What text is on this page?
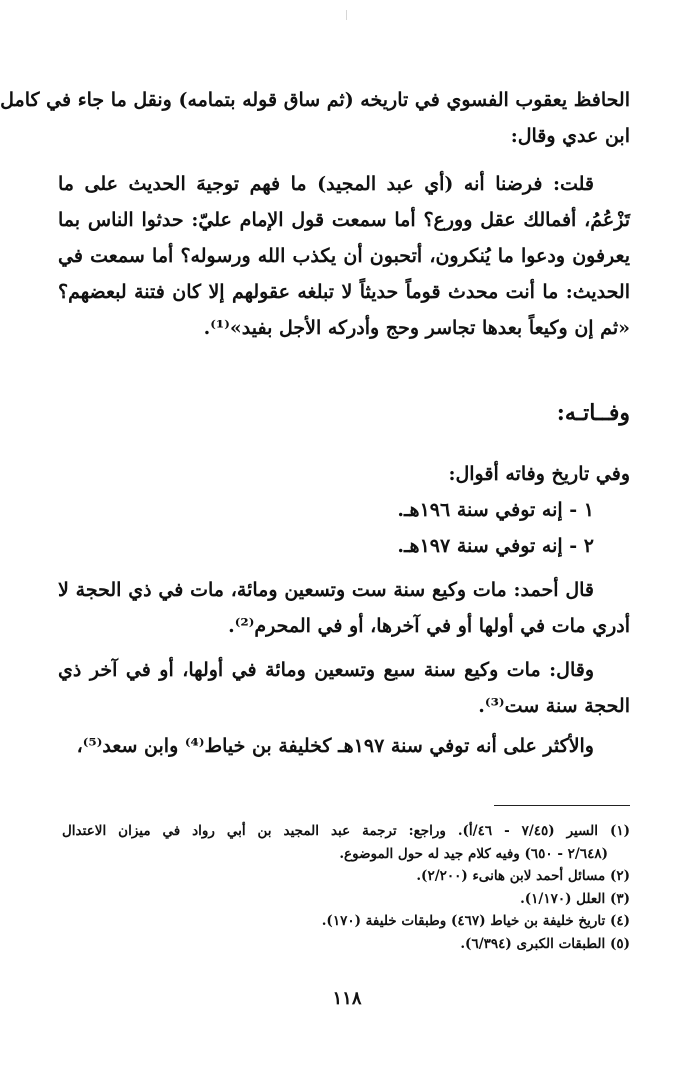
الحافظ يعقوب الفسوي في تاريخه (ثم ساق قوله بتمامه) ونقل ما جاء في كامل
ابن عدي وقال:
قلت: فرضنا أنه (أي عبد المجيد) ما فهم توجيهَ الحديث على ما
تَزْعُمُ، أفمالك عقل وورع؟ أما سمعت قول الإمام عليّ: حدثوا الناس بما
يعرفون ودعوا ما يُنكرون، أتحبون أن يكذب الله ورسوله؟ أما سمعت في
الحديث: ما أنت محدث قوماً حديثاً لا تبلغه عقولهم إلا كان فتنة لبعضهم؟
«ثم إن وكيعاً بعدها تجاسر وحج وأدركه الأجل بفيد»⁽¹⁾.
وفــاتـه:
وفي تاريخ وفاته أقوال:
١ - إنه توفي سنة ١٩٦هـ.
٢ - إنه توفي سنة ١٩٧هـ.
قال أحمد: مات وكيع سنة ست وتسعين ومائة، مات في ذي الحجة لا
أدري مات في أولها أو في آخرها، أو في المحرم⁽²⁾.
وقال: مات وكيع سنة سبع وتسعين ومائة في أولها، أو في آخر ذي
الحجة سنة ست⁽³⁾.
والأكثر على أنه توفي سنة ١٩٧هـ كخليفة بن خياط⁽⁴⁾ وابن سعد⁽⁵⁾،
(١) السير (٧/٤٥ - ٤٦/أ). وراجع: ترجمة عبد المجيد بن أبي رواد في ميزان الاعتدال
(٢/٦٤٨ - ٦٥٠) وفيه كلام جيد له حول الموضوع.
(٢) مسائل أحمد لابن هانىء (٢/٢٠٠).
(٣) العلل (١/١٧٠).
(٤) تاريخ خليفة بن خياط (٤٦٧) وطبقات خليفة (١٧٠).
(٥) الطبقات الكبرى (٦/٣٩٤).
١١٨
